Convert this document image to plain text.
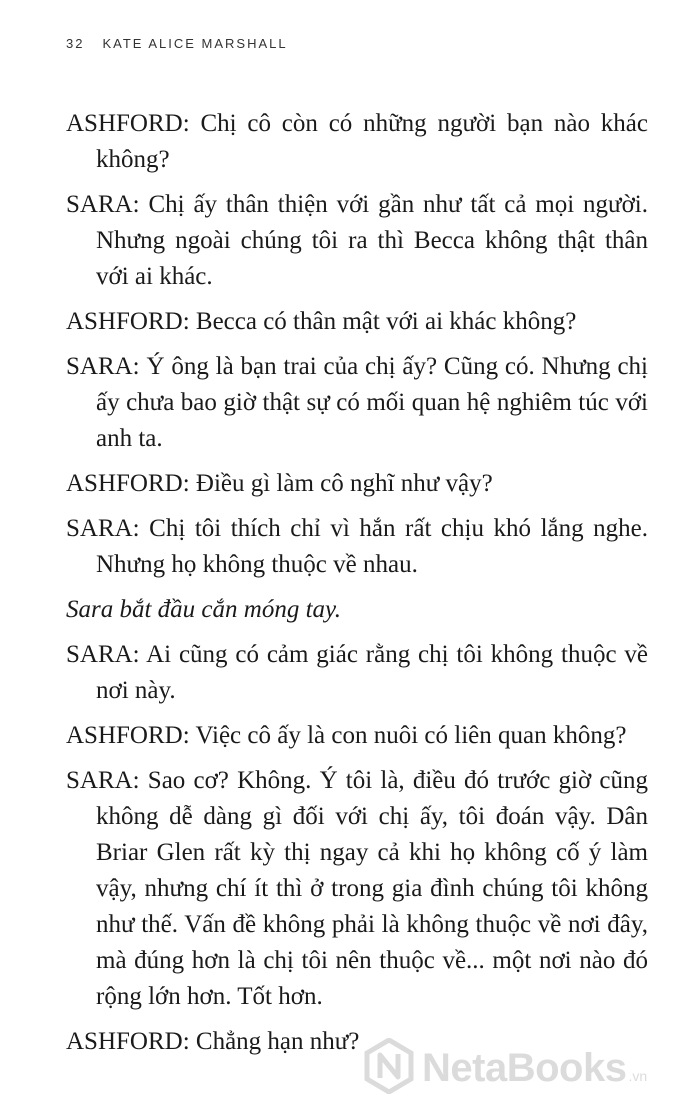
32 KATE ALICE MARSHALL

ASHFORD: Chị cô còn có những người bạn nào khác không?

SARA: Chị ấy thân thiện với gần như tất cả mọi người. Nhưng ngoài chúng tôi ra thì Becca không thật thân với ai khác.

ASHFORD: Becca có thân mật với ai khác không?

SARA: Ý ông là bạn trai của chị ấy? Cũng có. Nhưng chị ấy chưa bao giờ thật sự có mối quan hệ nghiêm túc với anh ta.

ASHFORD: Điều gì làm cô nghĩ như vậy?

SARA: Chị tôi thích chỉ vì hắn rất chịu khó lắng nghe. Nhưng họ không thuộc về nhau.

Sara bắt đầu cắn móng tay.

SARA: Ai cũng có cảm giác rằng chị tôi không thuộc về nơi này.

ASHFORD: Việc cô ấy là con nuôi có liên quan không?

SARA: Sao cơ? Không. Ý tôi là, điều đó trước giờ cũng không dễ dàng gì đối với chị ấy, tôi đoán vậy. Dân Briar Glen rất kỳ thị ngay cả khi họ không cố ý làm vậy, nhưng chí ít thì ở trong gia đình chúng tôi không như thế. Vấn đề không phải là không thuộc về nơi đây, mà đúng hơn là chị tôi nên thuộc về... một nơi nào đó rộng lớn hơn. Tốt hơn.

ASHFORD: Chẳng hạn như?

NetaBooks .vn
